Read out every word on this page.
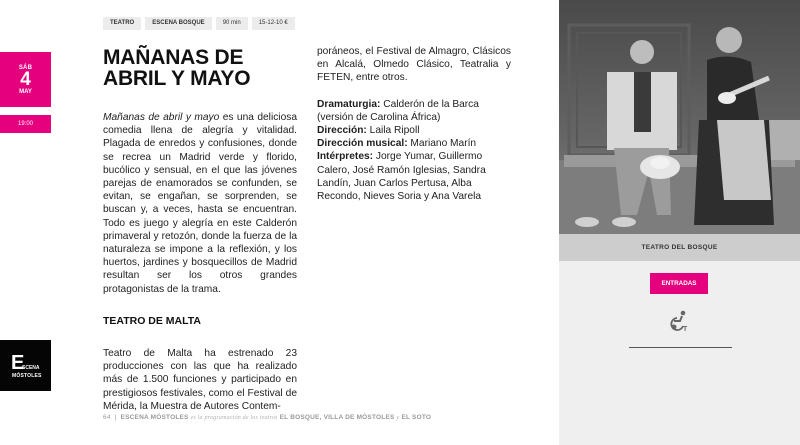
SÁB
4
MAY
19:00
E
SCENA
MÓSTOLES
TEATRO	ESCENA BOSQUE	90 min	15-12-10 €
MAÑANAS DE ABRIL Y MAYO

Mañanas de abril y mayo es una deliciosa comedia llena de alegría y vitalidad. Plagada de enredos y confusiones, donde se recrea un Madrid verde y florido, bucólico y sensual, en el que las jóvenes parejas de enamorados se confunden, se evitan, se engañan, se sorprenden, se buscan y, a veces, hasta se encuentran. Todo es juego y alegría en este Calderón primaveral y retozón, donde la fuerza de la naturaleza se impone a la reflexión, y los huertos, jardines y bosquecillos de Madrid resultan ser los otros grandes protagonistas de la trama.

TEATRO DE MALTA

Teatro de Malta ha estrenado 23 producciones con las que ha realizado más de 1.500 funciones y participado en prestigiosos festivales, como el Festival de Mérida, la Muestra de Autores Contem-

poráneos, el Festival de Almagro, Clásicos en Alcalá, Olmedo Clásico, Teatralia y FETEN, entre otros.

Dramaturgia: Calderón de la Barca (versión de Carolina África)

Dirección: Laila Ripoll

Dirección musical: Mariano Marín

Intérpretes: Jorge Yumar, Guillermo Calero, José Ramón Iglesias, Sandra Landín, Juan Carlos Pertusa, Alba Recondo, Nieves Soria y Ana Varela

TEATRO DEL BOSQUE
ENTRADAS
T
64 | ESCENA MÓSTOLES es la programación de los teatros EL BOSQUE, VILLA DE MÓSTOLES y EL SOTO
